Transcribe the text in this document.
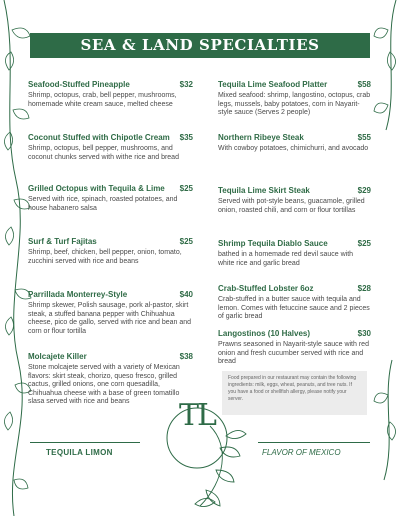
SEA & LAND SPECIALTIES
Seafood-Stuffed Pineapple	$32
Shrimp, octopus, crab, bell pepper, mushrooms, homemade white cream sauce, melted cheese
Coconut Stuffed with Chipotle Cream $35
Shrimp, octopus, bell pepper, mushrooms, and coconut chunks served with withe rice and bread
Grilled Octopus with Tequila & Lime $25
Served with rice, spinach, roasted potatoes, and house habanero salsa
Surf & Turf Fajitas	$25
Shrimp, beef, chicken, bell pepper, onion, tomato, zucchini served with rice and beans
Parrillada Monterrey-Style	$40
Shrimp skewer, Polish sausage, pork al-pastor, skirt steak, a stuffed banana pepper with Chihuahua cheese, pico de gallo, served with rice and bean and corn or flour tortilla
Molcajete Killer	$38
Stone molcajete served with a variety of Mexican flavors: skirt steak, chorizo, queso fresco, grilled cactus, grilled onions, one corn quesadilla, Chihuahua cheese with a base of green tomatillo slasa served with rice and beans
Tequila Lime Seafood Platter	$58
Mixed seafood: shrimp, langostino, octopus, crab legs, mussels, baby potatoes, corn in Nayarit-style sauce (Serves 2 people)
Northern Ribeye Steak	$55
With cowboy potatoes, chimichurri, and avocado
Tequila Lime Skirt Steak	$29
Served with pot-style beans, guacamole, grilled onion, roasted chili, and corn or flour tortillas
Shrimp Tequila Diablo Sauce	$25
bathed in a homemade red devil sauce with white rice and garlic bread
Crab-Stuffed Lobster 6oz	$28
Crab-stuffed in a butter sauce with tequila and lemon. Comes with fetuccine sauce and 2 pieces of garlic bread
Langostinos (10 Halves)	$30
Prawns seasoned in Nayarit-style sauce with red onion and fresh cucumber served with rice and bread
Food prepared in our restaurant may contain the following ingredients: milk, eggs, wheat, peanuts, and tree nuts. If you have a food or shellfish allergy, please notify your server.
TL
TEQUILA LIMON	FLAVOR OF MEXICO
